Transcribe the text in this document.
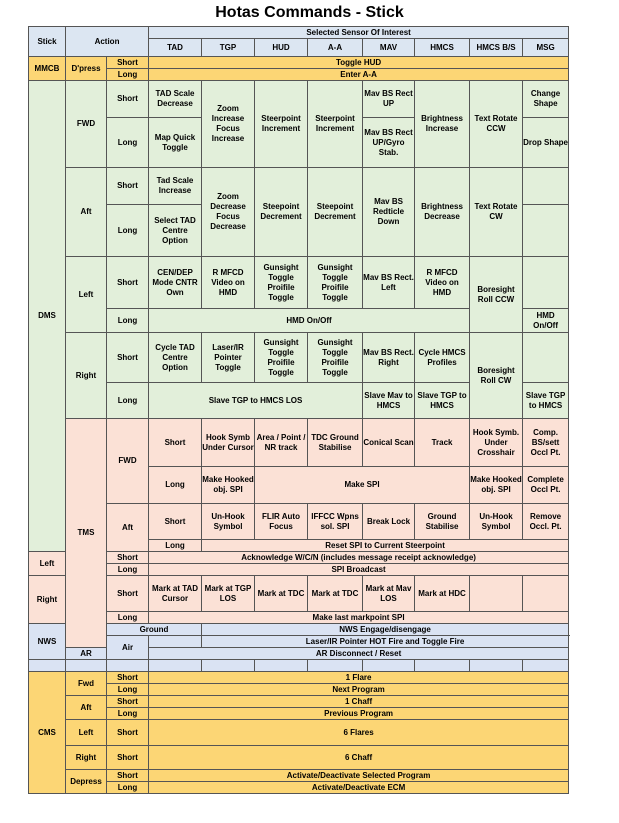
Hotas Commands - Stick
Stick	Action		Selected Sensor Of Interest								
			TAD	TGP	HUD	A-A	MAV	HMCS	HMCS B/S	MSG	
MMCB	D'press	Short	Toggle HUD								
		Long	Enter A-A								
DMS	FWD	Short	TAD Scale Decrease	Zoom Increase Focus Increase	Steerpoint Increment	Steerpoint Increment	Mav BS Rect UP	Brightness Increase	Text Rotate CCW	Change Shape	
		Long	Map Quick Toggle				Mav BS Rect UP/Gyro Stab.			Drop Shape	
	Aft	Short	Tad Scale Increase	Zoom Decrease Focus Decrease	Steepoint Decrement	Steepoint Decrement	Mav BS Redticle Down	Brightness Decrease	Text Rotate CW		
		Long	Select TAD Centre Option								
	Left	Short	CEN/DEP Mode CNTR Own	R MFCD Video on HMD	Gunsight Toggle Proifile Toggle	Gunsight Toggle Proifile Toggle	Mav BS Rect. Left	R MFCD Video on HMD	Boresight Roll CCW		
		Long	HMD On/Off							HMD On/Off	
	Right	Short	Cycle TAD Centre Option	Laser/IR Pointer Toggle	Gunsight Toggle Proifile Toggle	Gunsight Toggle Proifile Toggle	Mav BS Rect. Right	Cycle HMCS Profiles	Boresight Roll CW		
		Long	Slave TGP to HMCS LOS				Slave Mav to HMCS	Slave TGP to HMCS		Slave TGP to HMCS	
	TMS	FWD	Short	Hook Symb Under Cursor	Area / Point / NR track	TDC Ground Stabilise	Conical Scan	Track	Hook Symb. Under Crosshair	Comp. BS/sett Occl Pt.	
			Long	Make Hooked obj. SPI	Make SPI				Make Hooked obj. SPI	Complete Occl Pt.	
		Aft	Short	Un-Hook Symbol	FLIR Auto Focus	IFFCC Wpns sol. SPI	Break Lock	Ground Stabilise	Un-Hook Symbol	Remove Occl. Pt.	
			Long	Reset SPI to Current Steerpoint							
Left		Short	Acknowledge W/C/N (includes message receipt acknowledge)								
		Long	SPI Broadcast								
Right		Short	Mark at TAD Cursor	Mark at TGP LOS	Mark at TDC	Mark at TDC	Mark at Mav LOS	Mark at HDC			
		Long	Make last markpoint SPI								
NWS		Ground		NWS Engage/disengage							
		Air		Laser/IR Pointer HOT Fire and Toggle Fire							
	AR		AR Disconnect / Reset								

CMS	Fwd	Short	1 Flare								
		Long	Next Program								
	Aft	Short	1 Chaff								
		Long	Previous Program								
	Left	Short	6 Flares								
	Right	Short	6 Chaff								
	Depress	Short	Activate/Deactivate Selected Program								
		Long	Activate/Deactivate ECM								
